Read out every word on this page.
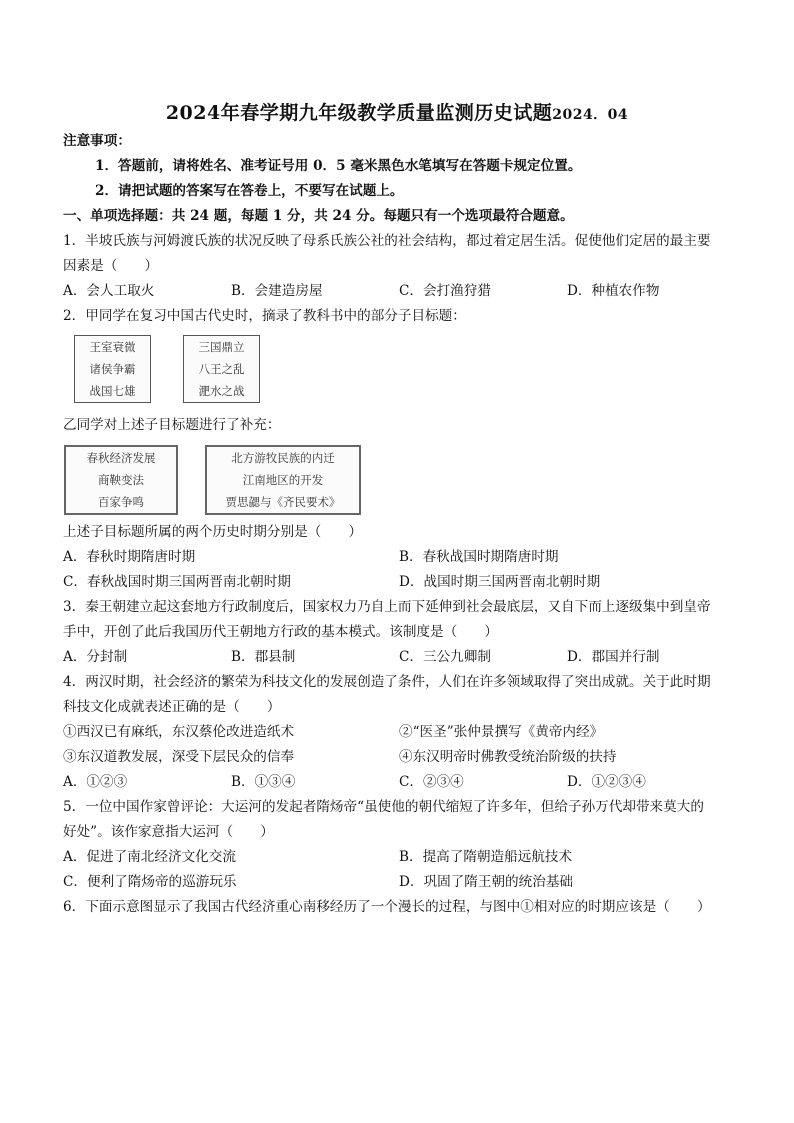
2024年春学期九年级教学质量监测历史试题2024．04
注意事项：
1．答题前，请将姓名、准考证号用 0．5 毫米黑色水笔填写在答题卡规定位置。
2．请把试题的答案写在答卷上，不要写在试题上。
一、单项选择题：共 24 题，每题 1 分，共 24 分。每题只有一个选项最符合题意。
1．半坡氏族与河姆渡氏族的状况反映了母系氏族公社的社会结构，都过着定居生活。促使他们定居的最主要
因素是（　　）
A．会人工取火	B．会建造房屋	C．会打渔狩猎	D．种植农作物
2．甲同学在复习中国古代史时，摘录了教科书中的部分子目标题：
王室衰微
诸侯争霸
战国七雄
三国鼎立
八王之乱
淝水之战
乙同学对上述子目标题进行了补充：
春秋经济发展
商鞅变法
百家争鸣
北方游牧民族的内迁
江南地区的开发
贾思勰与《齐民要术》
上述子目标题所属的两个历史时期分别是（　　）
A．春秋时期隋唐时期	B．春秋战国时期隋唐时期
C．春秋战国时期三国两晋南北朝时期	D．战国时期三国两晋南北朝时期
3．秦王朝建立起这套地方行政制度后，国家权力乃自上而下延伸到社会最底层，又自下而上逐级集中到皇帝
手中，开创了此后我国历代王朝地方行政的基本模式。该制度是（　　）
A．分封制	B．郡县制	C．三公九卿制	D．郡国并行制
4．两汉时期，社会经济的繁荣为科技文化的发展创造了条件，人们在许多领域取得了突出成就。关于此时期
科技文化成就表述正确的是（　　）
①西汉已有麻纸，东汉蔡伦改进造纸术	②“医圣”张仲景撰写《黄帝内经》
③东汉道教发展，深受下层民众的信奉	④东汉明帝时佛教受统治阶级的扶持
A．①②③	B．①③④	C．②③④	D．①②③④
5．一位中国作家曾评论：大运河的发起者隋炀帝“虽使他的朝代缩短了许多年，但给子孙万代却带来莫大的
好处”。该作家意指大运河（　　）
A．促进了南北经济文化交流	B．提高了隋朝造船远航技术
C．便利了隋炀帝的巡游玩乐	D．巩固了隋王朝的统治基础
6．下面示意图显示了我国古代经济重心南移经历了一个漫长的过程，与图中①相对应的时期应该是（　　）
